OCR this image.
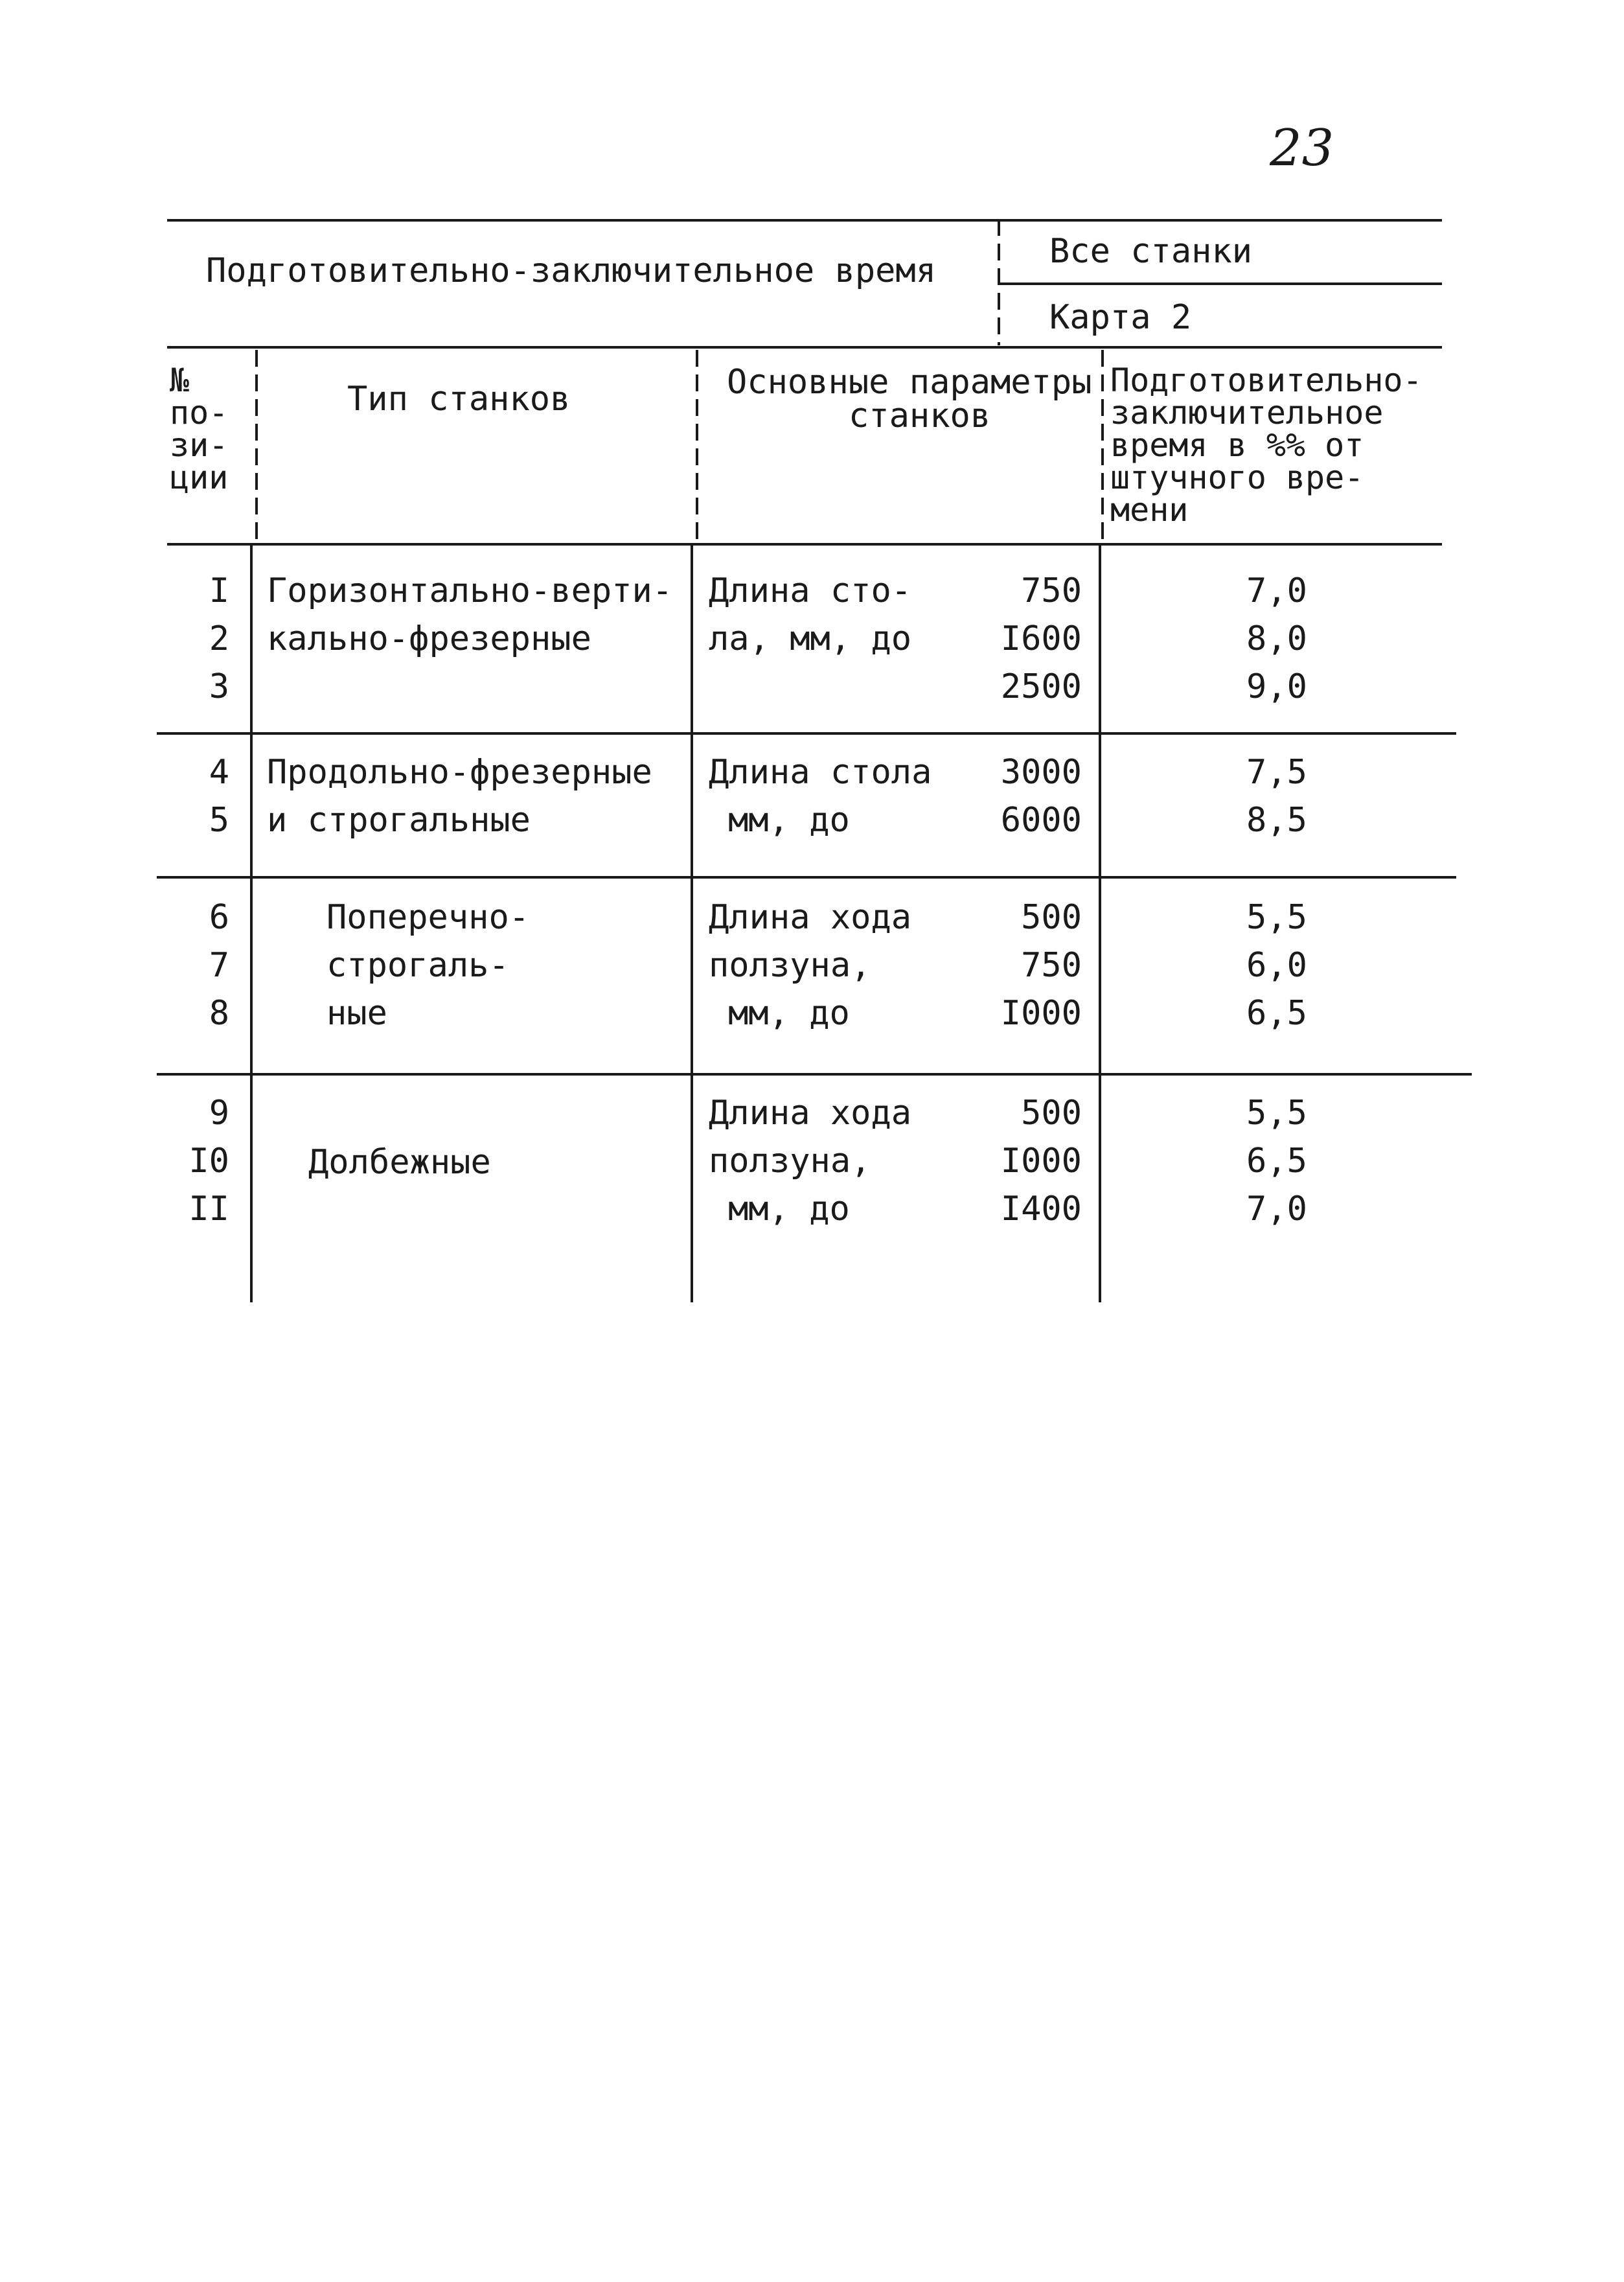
23
Подготовительно-заключительное время	Все станки
Карта 2
№
по-
зи-
ции
Тип станков	Основные параметры
станков
Подготовительно-
заключительное
время в %% от
штучного вре-
мени
I
2
3
Горизонтально-верти-
кально-фрезерные
Длина сто-
ла, мм, до
750
I600
2500
7,0
8,0
9,0
4
5
Продольно-фрезерные
и строгальные
Длина стола
мм, до
3000
6000
7,5
8,5
6
7
8
Поперечно-
строгаль-
ные
Длина хода
ползуна,
мм, до
500
750
I000
5,5
6,0
6,5
9
I0
II
Долбежные
Длина хода
ползуна,
мм, до
500
I000
I400
5,5
6,5
7,0
